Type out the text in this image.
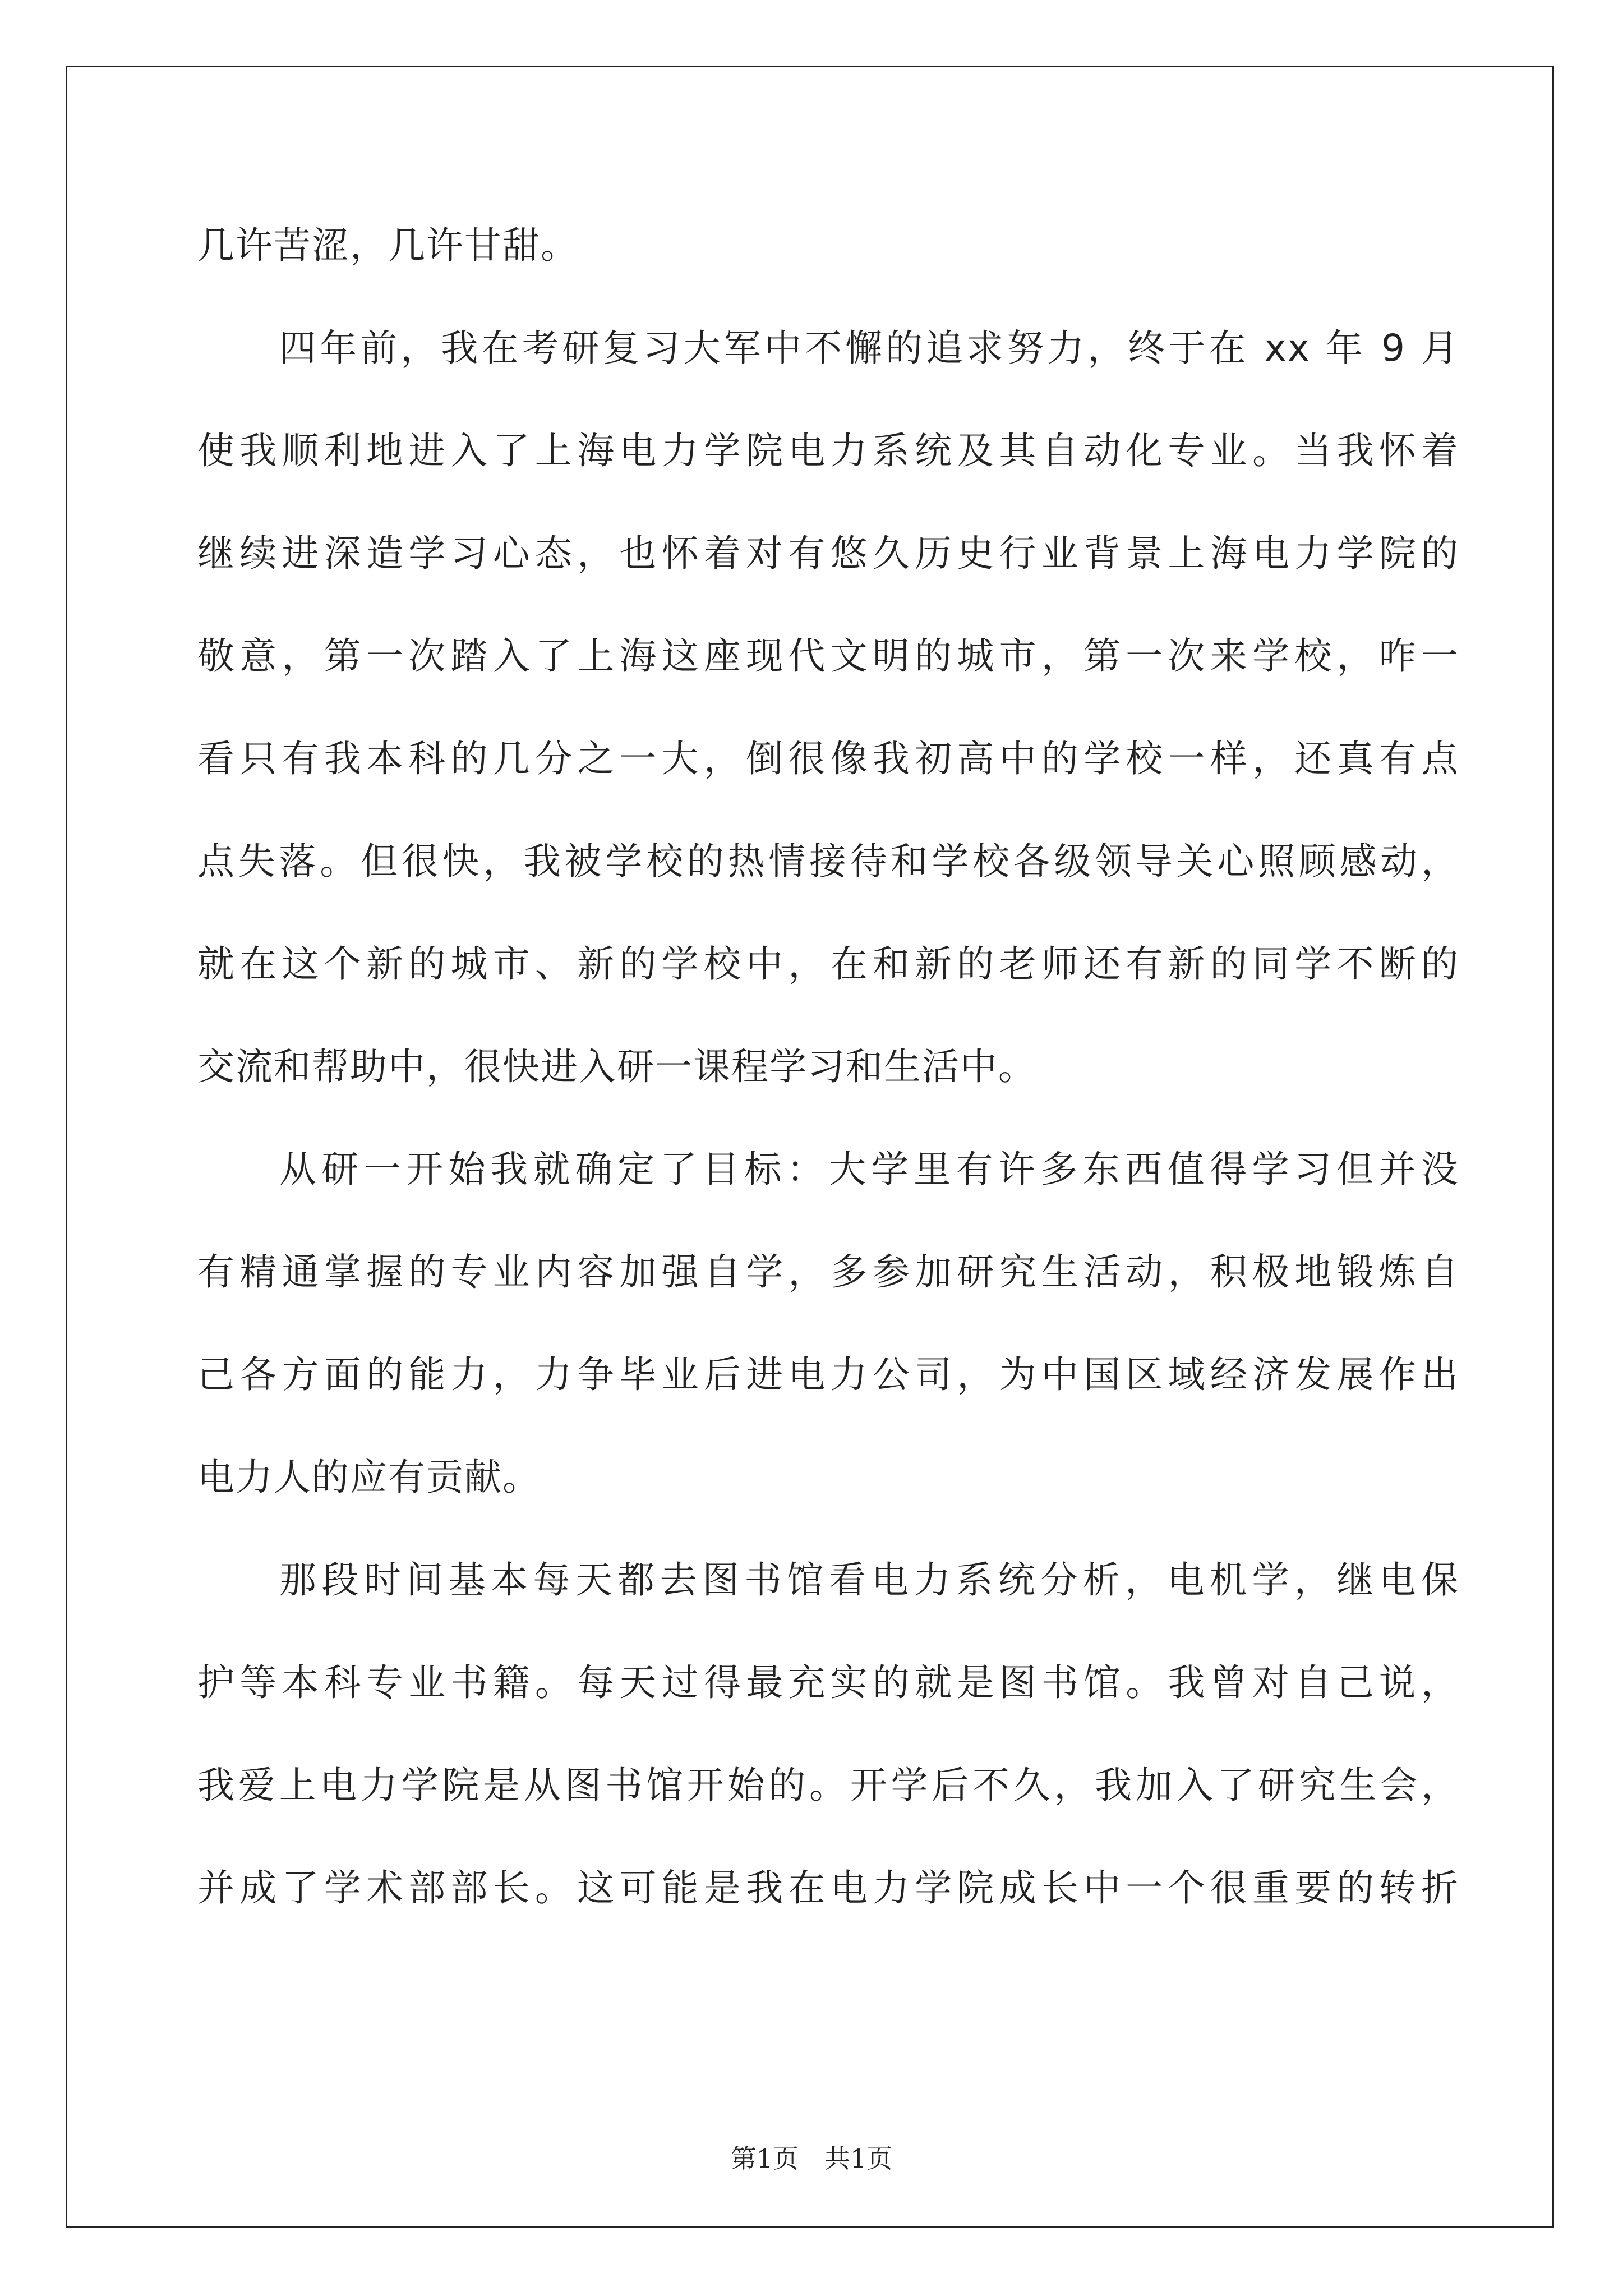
几许苦涩，几许甘甜。
四年前，我在考研复习大军中不懈的追求努力，终于在 xx 年 9 月
使我顺利地进入了上海电力学院电力系统及其自动化专业。当我怀着
继续进深造学习心态，也怀着对有悠久历史行业背景上海电力学院的
敬意，第一次踏入了上海这座现代文明的城市，第一次来学校，咋一
看只有我本科的几分之一大，倒很像我初高中的学校一样，还真有点
点失落。但很快，我被学校的热情接待和学校各级领导关心照顾感动，
就在这个新的城市、新的学校中，在和新的老师还有新的同学不断的
交流和帮助中，很快进入研一课程学习和生活中。
从研一开始我就确定了目标：大学里有许多东西值得学习但并没
有精通掌握的专业内容加强自学，多参加研究生活动，积极地锻炼自
己各方面的能力，力争毕业后进电力公司，为中国区域经济发展作出
电力人的应有贡献。
那段时间基本每天都去图书馆看电力系统分析，电机学，继电保
护等本科专业书籍。每天过得最充实的就是图书馆。我曾对自己说，
我爱上电力学院是从图书馆开始的。开学后不久，我加入了研究生会，
并成了学术部部长。这可能是我在电力学院成长中一个很重要的转折
第1页　共1页
